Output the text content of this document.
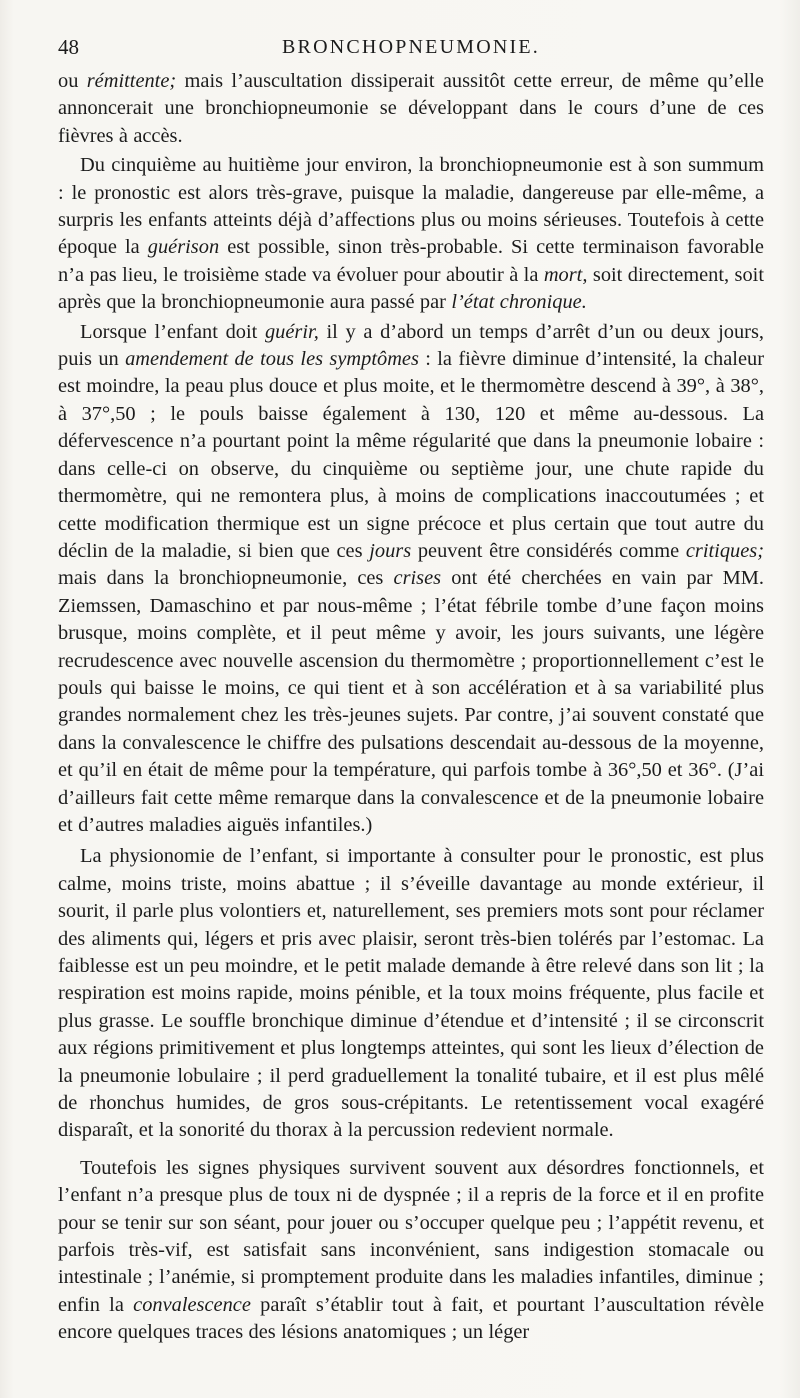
48	BRONCHOPNEUMONIE.

ou rémittente; mais l’auscultation dissiperait aussitôt cette erreur, de même qu’elle annoncerait une bronchiopneumonie se développant dans le cours d’une de ces fièvres à accès.

Du cinquième au huitième jour environ, la bronchiopneumonie est à son summum : le pronostic est alors très-grave, puisque la maladie, dangereuse par elle-même, a surpris les enfants atteints déjà d’affections plus ou moins sérieuses. Toutefois à cette époque la guérison est possible, sinon très-probable. Si cette terminaison favorable n’a pas lieu, le troisième stade va évoluer pour aboutir à la mort, soit directement, soit après que la bronchiopneumonie aura passé par l’état chronique.

Lorsque l’enfant doit guérir, il y a d’abord un temps d’arrêt d’un ou deux jours, puis un amendement de tous les symptômes : la fièvre diminue d’intensité, la chaleur est moindre, la peau plus douce et plus moite, et le thermomètre descend à 39°, à 38°, à 37°,50 ; le pouls baisse également à 130, 120 et même au-dessous. La défervescence n’a pourtant point la même régularité que dans la pneumonie lobaire : dans celle-ci on observe, du cinquième ou septième jour, une chute rapide du thermomètre, qui ne remontera plus, à moins de complications inaccoutumées ; et cette modification thermique est un signe précoce et plus certain que tout autre du déclin de la maladie, si bien que ces jours peuvent être considérés comme critiques; mais dans la bronchiopneumonie, ces crises ont été cherchées en vain par MM. Ziemssen, Damaschino et par nous-même ; l’état fébrile tombe d’une façon moins brusque, moins complète, et il peut même y avoir, les jours suivants, une légère recrudescence avec nouvelle ascension du thermomètre ; proportionnellement c’est le pouls qui baisse le moins, ce qui tient et à son accélération et à sa variabilité plus grandes normalement chez les très-jeunes sujets. Par contre, j’ai souvent constaté que dans la convalescence le chiffre des pulsations descendait au-dessous de la moyenne, et qu’il en était de même pour la température, qui parfois tombe à 36°,50 et 36°. (J’ai d’ailleurs fait cette même remarque dans la convalescence et de la pneumonie lobaire et d’autres maladies aiguës infantiles.)

La physionomie de l’enfant, si importante à consulter pour le pronostic, est plus calme, moins triste, moins abattue ; il s’éveille davantage au monde extérieur, il sourit, il parle plus volontiers et, naturellement, ses premiers mots sont pour réclamer des aliments qui, légers et pris avec plaisir, seront très-bien tolérés par l’estomac. La faiblesse est un peu moindre, et le petit malade demande à être relevé dans son lit ; la respiration est moins rapide, moins pénible, et la toux moins fréquente, plus facile et plus grasse. Le souffle bronchique diminue d’étendue et d’intensité ; il se circonscrit aux régions primitivement et plus longtemps atteintes, qui sont les lieux d’élection de la pneumonie lobulaire ; il perd graduellement la tonalité tubaire, et il est plus mêlé de rhonchus humides, de gros sous-crépitants. Le retentissement vocal exagéré disparaît, et la sonorité du thorax à la percussion redevient normale.

Toutefois les signes physiques survivent souvent aux désordres fonctionnels, et l’enfant n’a presque plus de toux ni de dyspnée ; il a repris de la force et il en profite pour se tenir sur son séant, pour jouer ou s’occuper quelque peu ; l’appétit revenu, et parfois très-vif, est satisfait sans inconvénient, sans indigestion stomacale ou intestinale ; l’anémie, si promptement produite dans les maladies infantiles, diminue ; enfin la convalescence paraît s’établir tout à fait, et pourtant l’auscultation révèle encore quelques traces des lésions anatomiques ; un léger
